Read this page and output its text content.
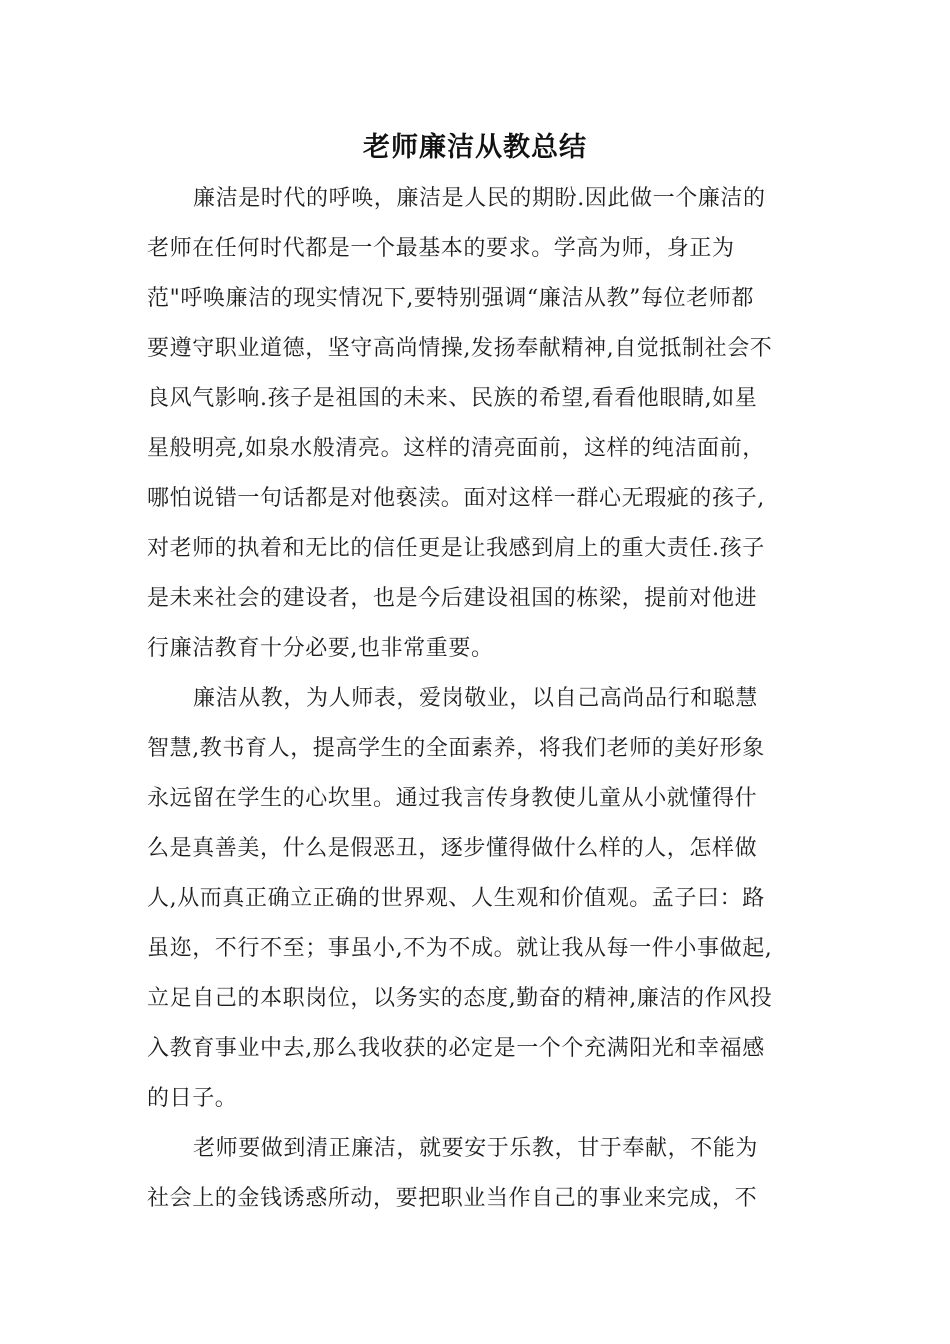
老师廉洁从教总结
廉洁是时代的呼唤，廉洁是人民的期盼.因此做一个廉洁的
老师在任何时代都是一个最基本的要求。学高为师，身正为
范"呼唤廉洁的现实情况下,要特别强调“廉洁从教”每位老师都
要遵守职业道德，坚守高尚情操,发扬奉献精神,自觉抵制社会不
良风气影响.孩子是祖国的未来、民族的希望,看看他眼睛,如星
星般明亮,如泉水般清亮。这样的清亮面前，这样的纯洁面前，
哪怕说错一句话都是对他亵渎。面对这样一群心无瑕疵的孩子,
对老师的执着和无比的信任更是让我感到肩上的重大责任.孩子
是未来社会的建设者，也是今后建设祖国的栋梁，提前对他进
行廉洁教育十分必要,也非常重要。
廉洁从教，为人师表，爱岗敬业，以自己高尚品行和聪慧
智慧,教书育人，提高学生的全面素养，将我们老师的美好形象
永远留在学生的心坎里。通过我言传身教使儿童从小就懂得什
么是真善美，什么是假恶丑，逐步懂得做什么样的人，怎样做
人,从而真正确立正确的世界观、人生观和价值观。孟子曰：路
虽迩，不行不至；事虽小,不为不成。就让我从每一件小事做起,
立足自己的本职岗位，以务实的态度,勤奋的精神,廉洁的作风投
入教育事业中去,那么我收获的必定是一个个充满阳光和幸福感
的日子。
老师要做到清正廉洁，就要安于乐教，甘于奉献，不能为
社会上的金钱诱惑所动，要把职业当作自己的事业来完成，不
